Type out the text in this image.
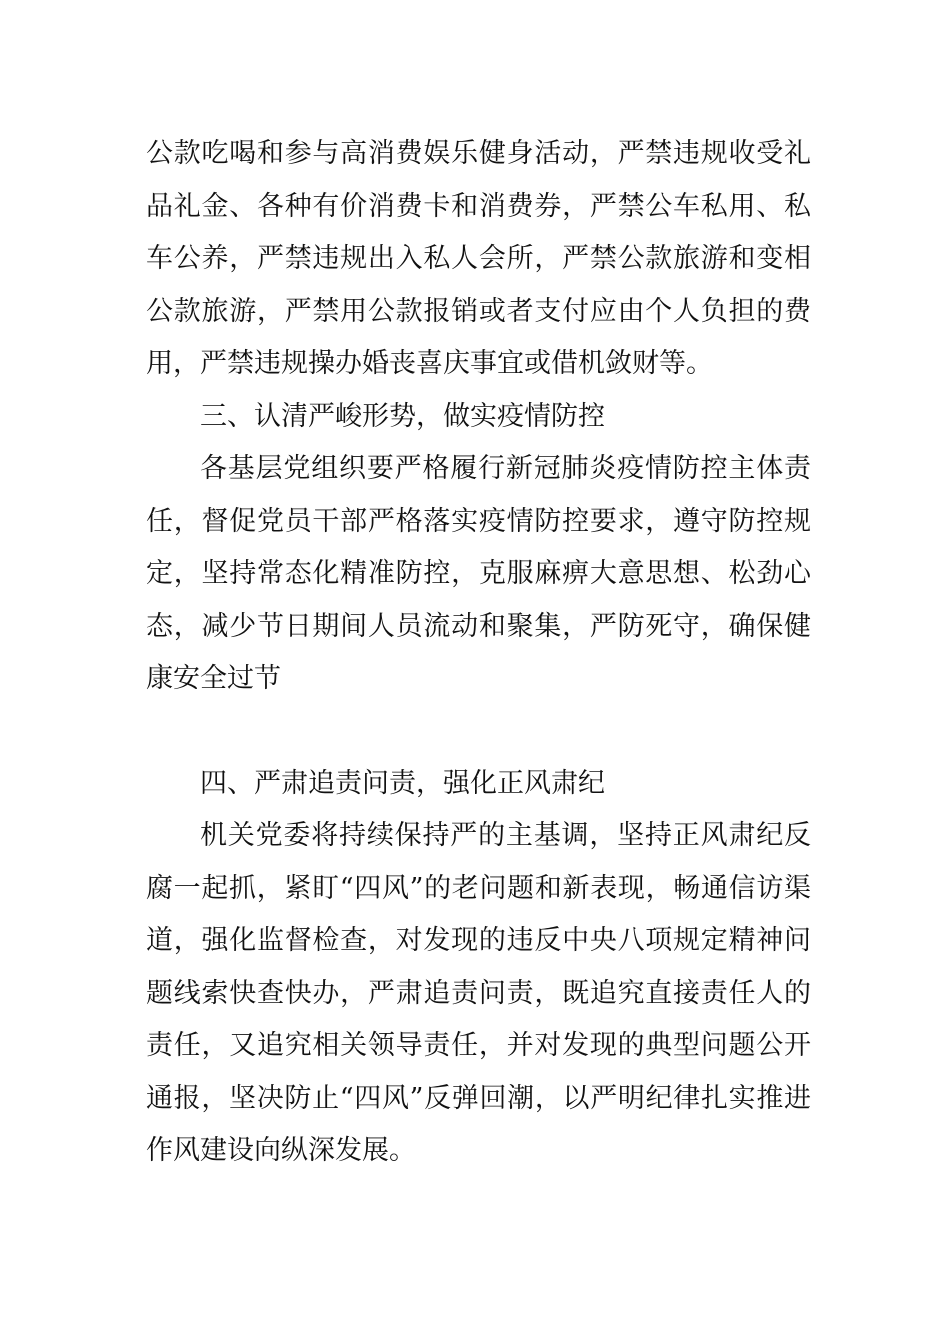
公款吃喝和参与高消费娱乐健身活动，严禁违规收受礼品礼金、各种有价消费卡和消费券，严禁公车私用、私车公养，严禁违规出入私人会所，严禁公款旅游和变相公款旅游，严禁用公款报销或者支付应由个人负担的费用，严禁违规操办婚丧喜庆事宜或借机敛财等。

三、认清严峻形势，做实疫情防控

各基层党组织要严格履行新冠肺炎疫情防控主体责任，督促党员干部严格落实疫情防控要求，遵守防控规定，坚持常态化精准防控，克服麻痹大意思想、松劲心态，减少节日期间人员流动和聚集，严防死守，确保健康安全过节

四、严肃追责问责，强化正风肃纪

机关党委将持续保持严的主基调，坚持正风肃纪反腐一起抓，紧盯“四风”的老问题和新表现，畅通信访渠道，强化监督检查，对发现的违反中央八项规定精神问题线索快查快办，严肃追责问责，既追究直接责任人的责任，又追究相关领导责任，并对发现的典型问题公开通报，坚决防止“四风”反弹回潮，以严明纪律扎实推进作风建设向纵深发展。
